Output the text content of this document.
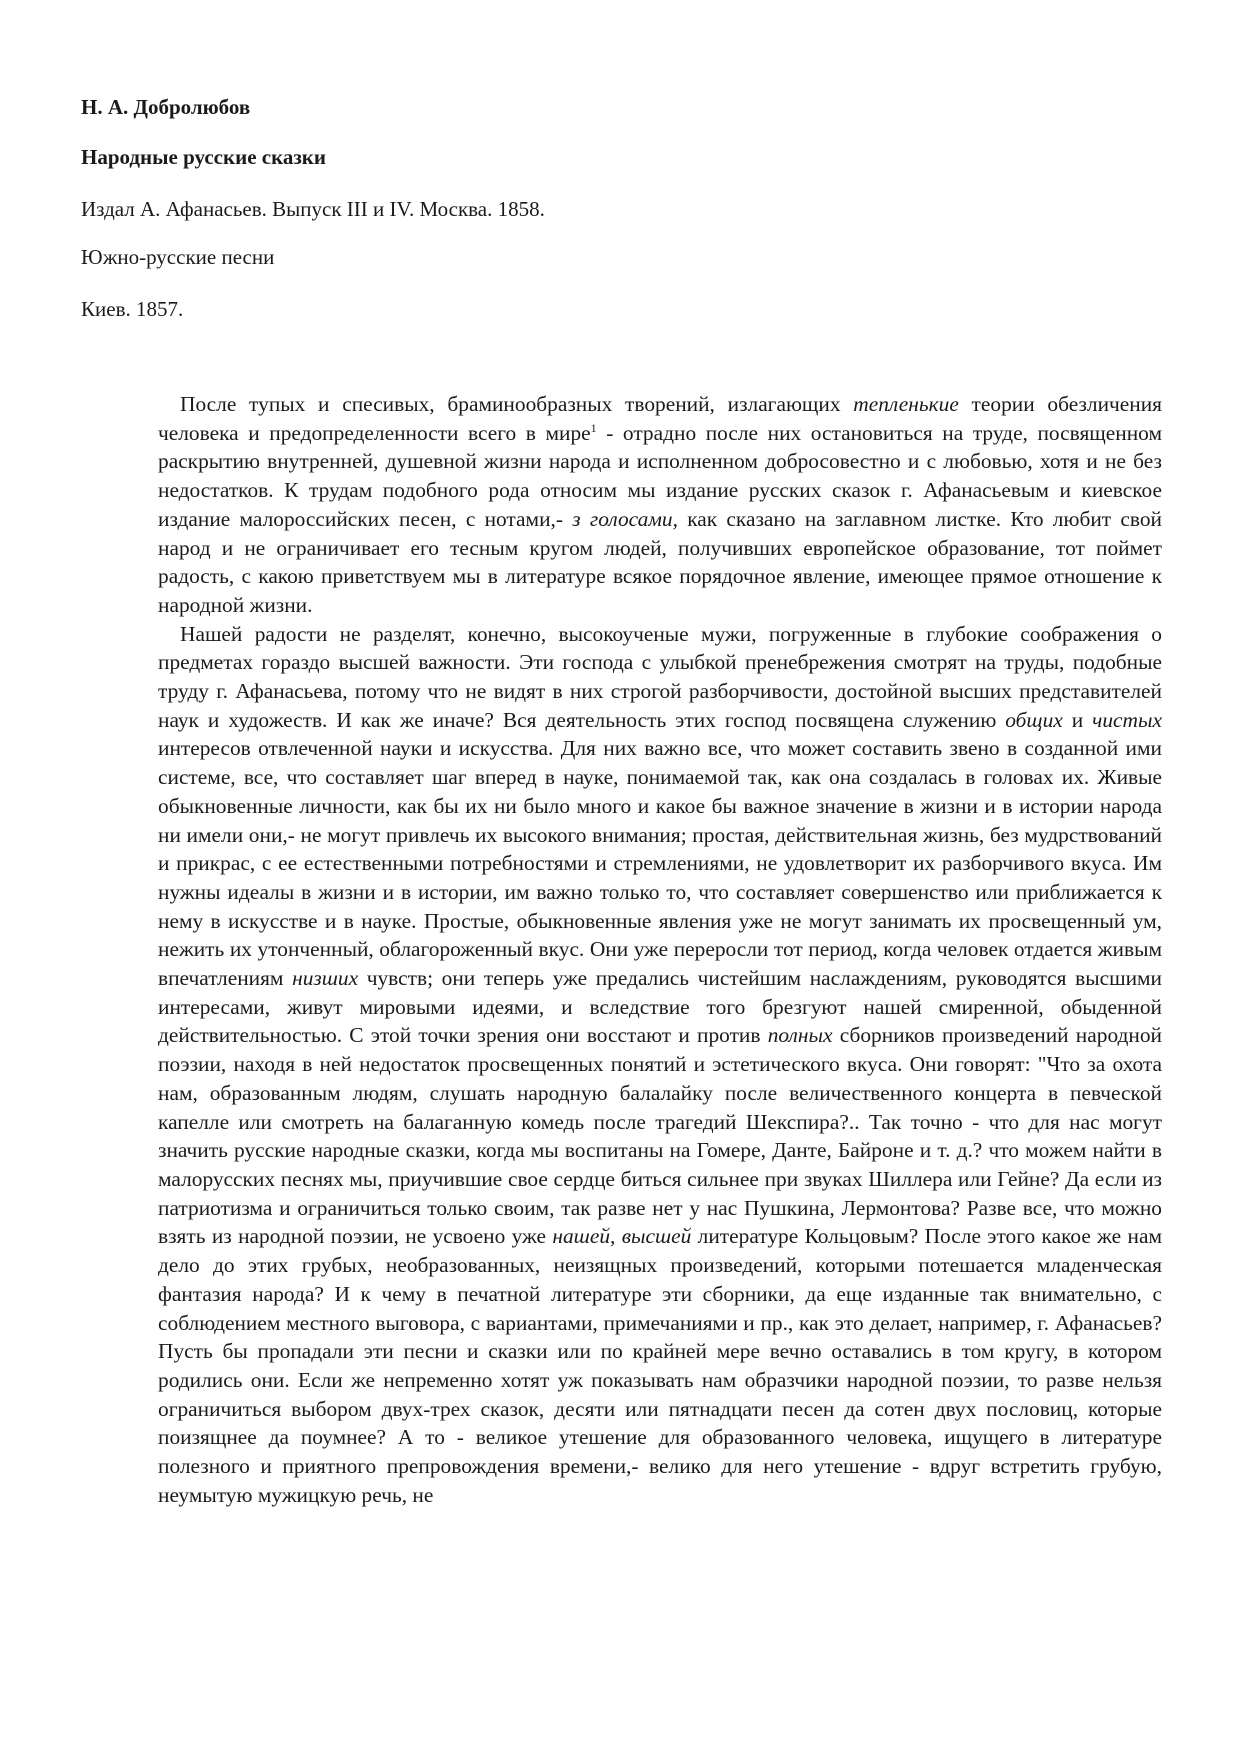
Н. А. Добролюбов

Народные русские сказки

Издал А. Афанасьев. Выпуск III и IV. Москва. 1858.

Южно-русские песни

Киев. 1857.

После тупых и спесивых, браминообразных творений, излагающих тепленькие теории обезличения человека и предопределенности всего в мире$^1$ - отрадно после них остановиться на труде, посвященном раскрытию внутренней, душевной жизни народа и исполненном добросовестно и с любовью, хотя и не без недостатков. К трудам подобного рода относим мы издание русских сказок г. Афанасьевым и киевское издание малороссийских песен, с нотами,- з голосами, как сказано на заглавном листке. Кто любит свой народ и не ограничивает его тесным кругом людей, получивших европейское образование, тот поймет радость, с какою приветствуем мы в литературе всякое порядочное явление, имеющее прямое отношение к народной жизни.

Нашей радости не разделят, конечно, высокоученые мужи, погруженные в глубокие соображения о предметах гораздо высшей важности. Эти господа с улыбкой пренебрежения смотрят на труды, подобные труду г. Афанасьева, потому что не видят в них строгой разборчивости, достойной высших представителей наук и художеств. И как же иначе? Вся деятельность этих господ посвящена служению общих и чистых интересов отвлеченной науки и искусства. Для них важно все, что может составить звено в созданной ими системе, все, что составляет шаг вперед в науке, понимаемой так, как она создалась в головах их. Живые обыкновенные личности, как бы их ни было много и какое бы важное значение в жизни и в истории народа ни имели они,- не могут привлечь их высокого внимания; простая, действительная жизнь, без мудрствований и прикрас, с ее естественными потребностями и стремлениями, не удовлетворит их разборчивого вкуса. Им нужны идеалы в жизни и в истории, им важно только то, что составляет совершенство или приближается к нему в искусстве и в науке. Простые, обыкновенные явления уже не могут занимать их просвещенный ум, нежить их утонченный, облагороженный вкус. Они уже переросли тот период, когда человек отдается живым впечатлениям низших чувств; они теперь уже предались чистейшим наслаждениям, руководятся высшими интересами, живут мировыми идеями, и вследствие того брезгуют нашей смиренной, обыденной действительностью. С этой точки зрения они восстают и против полных сборников произведений народной поэзии, находя в ней недостаток просвещенных понятий и эстетического вкуса. Они говорят: "Что за охота нам, образованным людям, слушать народную балалайку после величественного концерта в певческой капелле или смотреть на балаганную комедь после трагедий Шекспира?.. Так точно - что для нас могут значить русские народные сказки, когда мы воспитаны на Гомере, Данте, Байроне и т. д.? что можем найти в малорусских песнях мы, приучившие свое сердце биться сильнее при звуках Шиллера или Гейне? Да если из патриотизма и ограничиться только своим, так разве нет у нас Пушкина, Лермонтова? Разве все, что можно взять из народной поэзии, не усвоено уже нашей, высшей литературе Кольцовым? После этого какое же нам дело до этих грубых, необразованных, неизящных произведений, которыми потешается младенческая фантазия народа? И к чему в печатной литературе эти сборники, да еще изданные так внимательно, с соблюдением местного выговора, с вариантами, примечаниями и пр., как это делает, например, г. Афанасьев? Пусть бы пропадали эти песни и сказки или по крайней мере вечно оставались в том кругу, в котором родились они. Если же непременно хотят уж показывать нам образчики народной поэзии, то разве нельзя ограничиться выбором двух-трех сказок, десяти или пятнадцати песен да сотен двух пословиц, которые поизящнее да поумнее? А то - великое утешение для образованного человека, ищущего в литературе полезного и приятного препровождения времени,- велико для него утешение - вдруг встретить грубую, неумытую мужицкую речь, не
